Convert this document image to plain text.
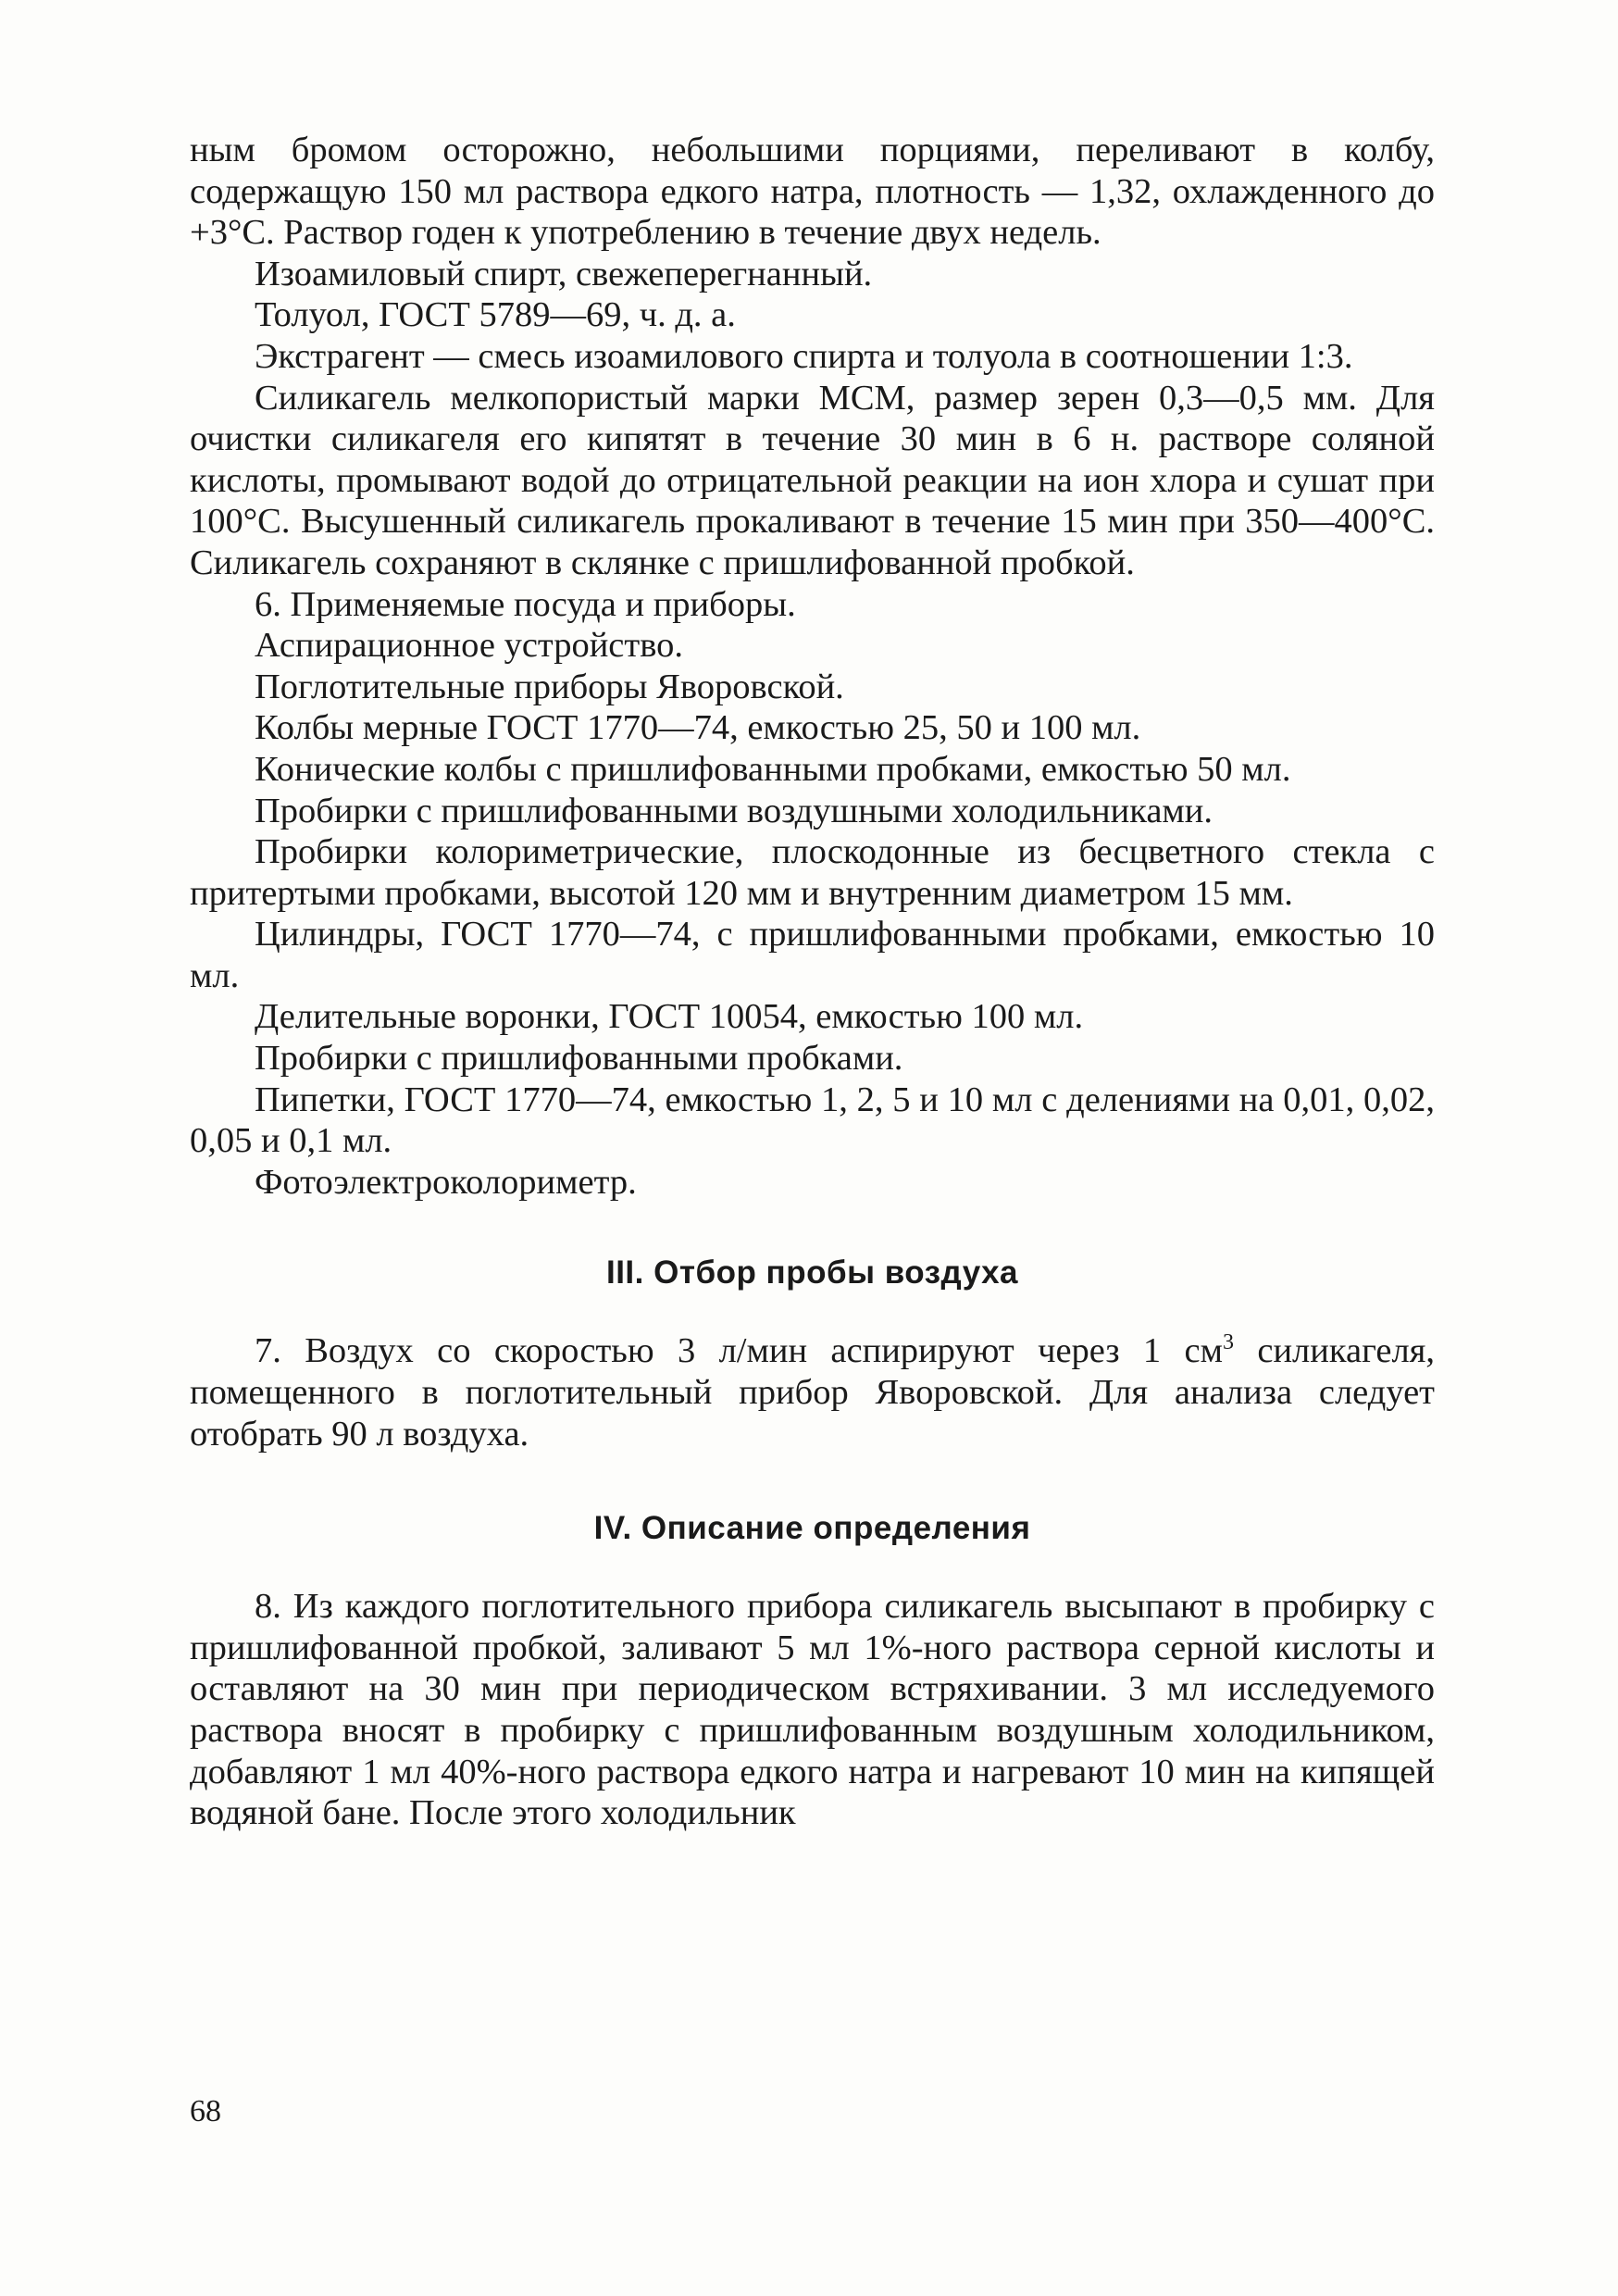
ным бромом осторожно, небольшими порциями, переливают в колбу, содержащую 150 мл раствора едкого натра, плотность — 1,32, охлажденного до +3°С. Раствор годен к употреблению в течение двух недель.

Изоамиловый спирт, свежеперегнанный.

Толуол, ГОСТ 5789—69, ч. д. а.

Экстрагент — смесь изоамилового спирта и толуола в соотношении 1:3.

Силикагель мелкопористый марки МСМ, размер зерен 0,3—0,5 мм. Для очистки силикагеля его кипятят в течение 30 мин в 6 н. растворе соляной кислоты, промывают водой до отрицательной реакции на ион хлора и сушат при 100°С. Высушенный силикагель прокаливают в течение 15 мин при 350—400°С. Силикагель сохраняют в склянке с пришлифованной пробкой.

6. Применяемые посуда и приборы.

Аспирационное устройство.

Поглотительные приборы Яворовской.

Колбы мерные ГОСТ 1770—74, емкостью 25, 50 и 100 мл.

Конические колбы с пришлифованными пробками, емкостью 50 мл.

Пробирки с пришлифованными воздушными холодильниками.

Пробирки колориметрические, плоскодонные из бесцветного стекла с притертыми пробками, высотой 120 мм и внутренним диаметром 15 мм.

Цилиндры, ГОСТ 1770—74, с пришлифованными пробками, емкостью 10 мл.

Делительные воронки, ГОСТ 10054, емкостью 100 мл.

Пробирки с пришлифованными пробками.

Пипетки, ГОСТ 1770—74, емкостью 1, 2, 5 и 10 мл с делениями на 0,01, 0,02, 0,05 и 0,1 мл.

Фотоэлектроколориметр.

III. Отбор пробы воздуха

7. Воздух со скоростью 3 л/мин аспирируют через 1 $см^3$ силикагеля, помещенного в поглотительный прибор Яворовской. Для анализа следует отобрать 90 л воздуха.

IV. Описание определения

8. Из каждого поглотительного прибора силикагель высыпают в пробирку с пришлифованной пробкой, заливают 5 мл 1%-ного раствора серной кислоты и оставляют на 30 мин при периодическом встряхивании. 3 мл исследуемого раствора вносят в пробирку с пришлифованным воздушным холодильником, добавляют 1 мл 40%-ного раствора едкого натра и нагревают 10 мин на кипящей водяной бане. После этого холодильник

68
